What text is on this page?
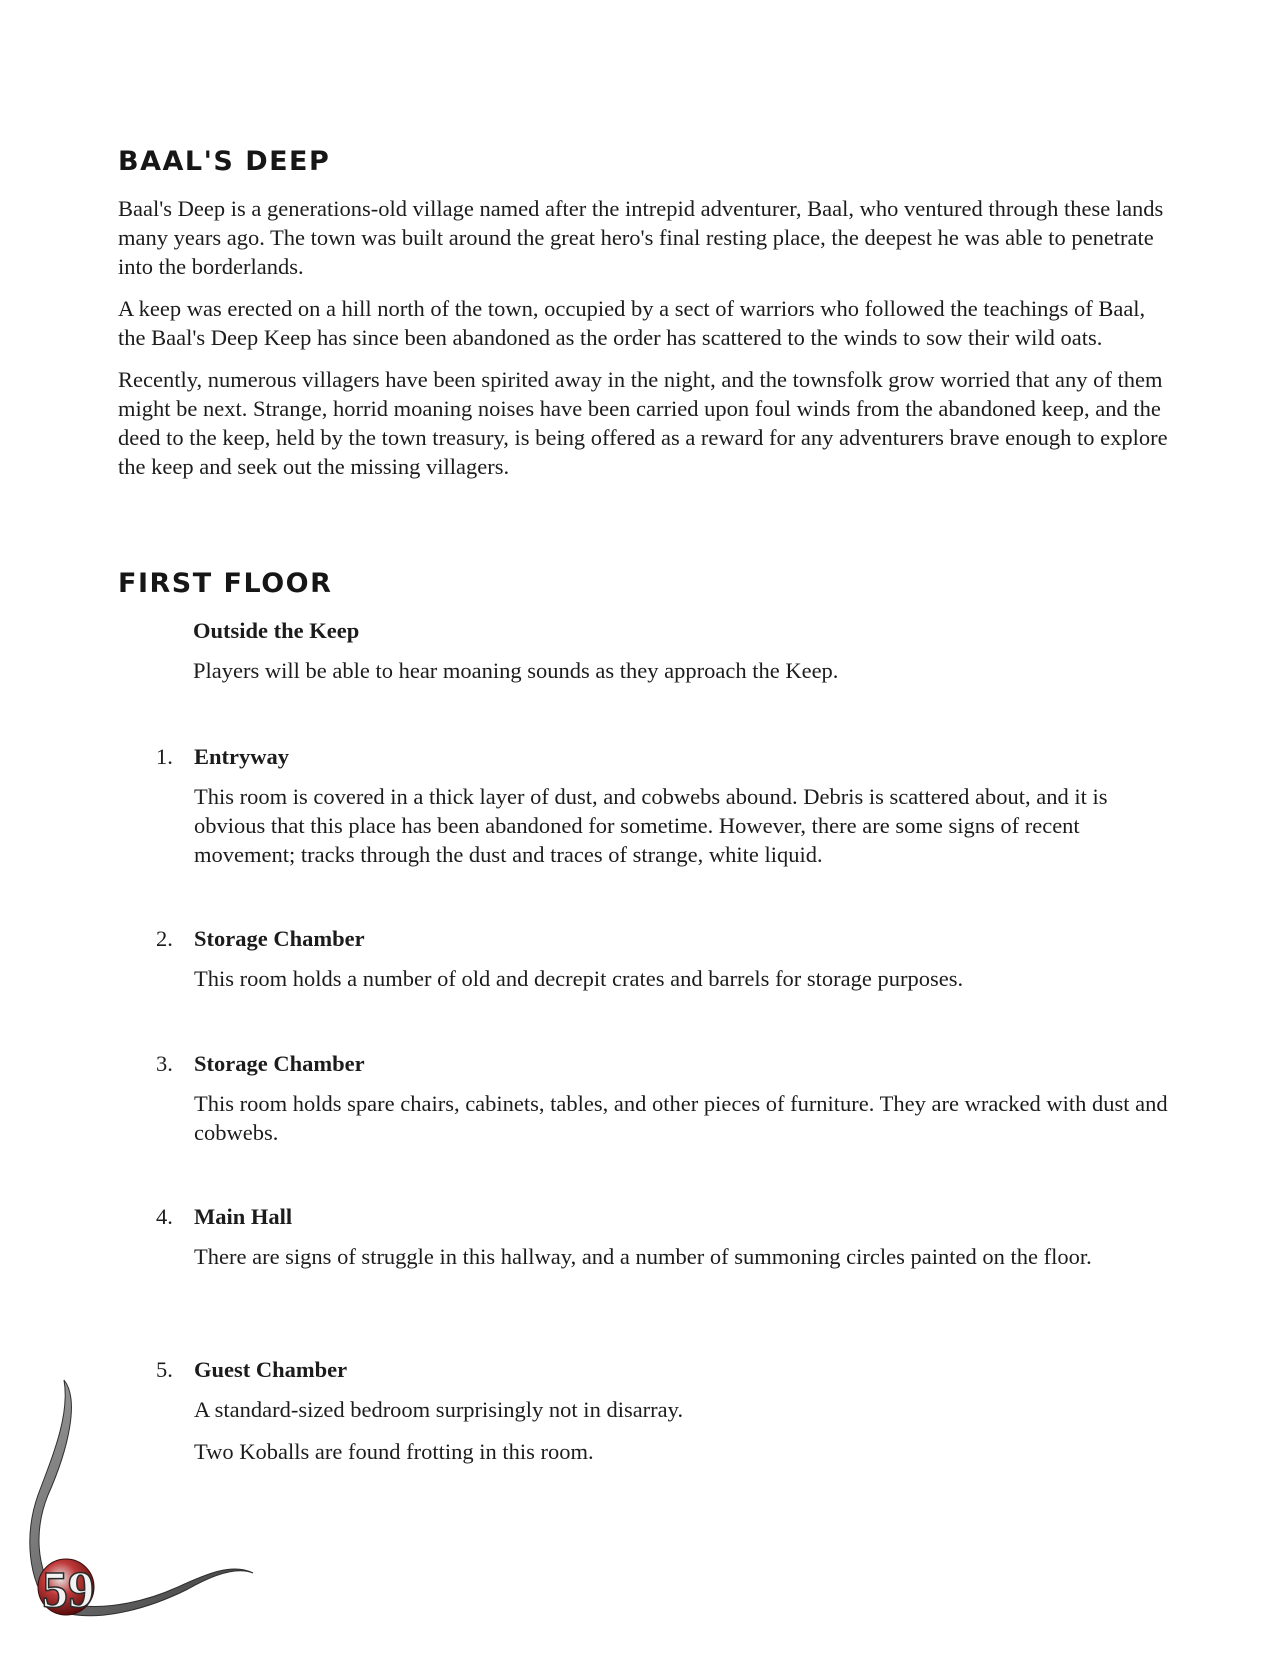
BAAL'S DEEP

Baal's Deep is a generations-old village named after the intrepid adventurer, Baal, who ventured through these lands many years ago. The town was built around the great hero's final resting place, the deepest he was able to penetrate into the borderlands.

A keep was erected on a hill north of the town, occupied by a sect of warriors who followed the teachings of Baal, the Baal's Deep Keep has since been abandoned as the order has scattered to the winds to sow their wild oats.

Recently, numerous villagers have been spirited away in the night, and the townsfolk grow worried that any of them might be next. Strange, horrid moaning noises have been carried upon foul winds from the abandoned keep, and the deed to the keep, held by the town treasury, is being offered as a reward for any adventurers brave enough to explore the keep and seek out the missing villagers.

FIRST FLOOR
Outside the Keep

Players will be able to hear moaning sounds as they approach the Keep.

1. Entryway

This room is covered in a thick layer of dust, and cobwebs abound. Debris is scattered about, and it is obvious that this place has been abandoned for sometime. However, there are some signs of recent movement; tracks through the dust and traces of strange, white liquid.

2. Storage Chamber

This room holds a number of old and decrepit crates and barrels for storage purposes.

3. Storage Chamber

This room holds spare chairs, cabinets, tables, and other pieces of furniture. They are wracked with dust and cobwebs.

4. Main Hall

There are signs of struggle in this hallway, and a number of summoning circles painted on the floor.

5. Guest Chamber

A standard-sized bedroom surprisingly not in disarray.

Two Koballs are found frotting in this room.

59
